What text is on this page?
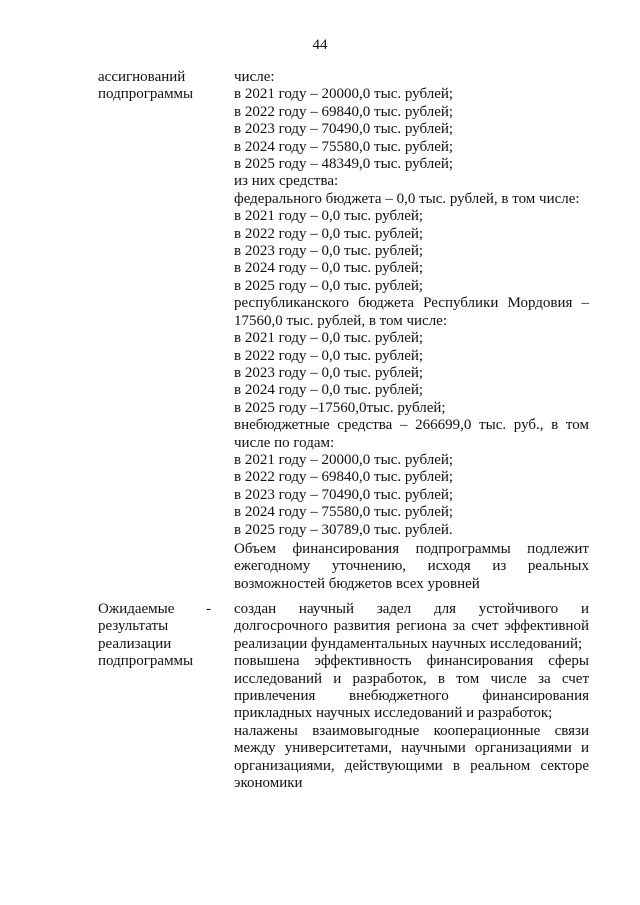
44
ассигнований
подпрограммы
числе:
в 2021 году – 20000,0 тыс. рублей;
в 2022 году – 69840,0 тыс. рублей;
в 2023 году – 70490,0 тыс. рублей;
в 2024 году – 75580,0 тыс. рублей;
в 2025 году – 48349,0 тыс. рублей;
из них средства:
федерального бюджета – 0,0 тыс. рублей, в том числе:
в 2021 году – 0,0 тыс. рублей;
в 2022 году – 0,0 тыс. рублей;
в 2023 году – 0,0 тыс. рублей;
в 2024 году – 0,0 тыс. рублей;
в 2025 году – 0,0 тыс. рублей;
республиканского бюджета Республики Мордовия – 17560,0 тыс. рублей, в том числе:
в 2021 году – 0,0 тыс. рублей;
в 2022 году – 0,0 тыс. рублей;
в 2023 году – 0,0 тыс. рублей;
в 2024 году – 0,0 тыс. рублей;
в 2025 году –17560,0тыс. рублей;
внебюджетные средства – 266699,0 тыс. руб., в том числе по годам:
в 2021 году – 20000,0 тыс. рублей;
в 2022 году – 69840,0 тыс. рублей;
в 2023 году – 70490,0 тыс. рублей;
в 2024 году – 75580,0 тыс. рублей;
в 2025 году – 30789,0 тыс. рублей.
Объем финансирования подпрограммы подлежит ежегодному уточнению, исходя из реальных возможностей бюджетов всех уровней
Ожидаемые
результаты
реализации
подпрограммы
- создан научный задел для устойчивого и долгосрочного развития региона за счет эффективной реализации фундаментальных научных исследований;
повышена эффективность финансирования сферы исследований и разработок, в том числе за счет привлечения внебюджетного финансирования прикладных научных исследований и разработок;
налажены взаимовыгодные кооперационные связи между университетами, научными организациями и организациями, действующими в реальном секторе экономики
